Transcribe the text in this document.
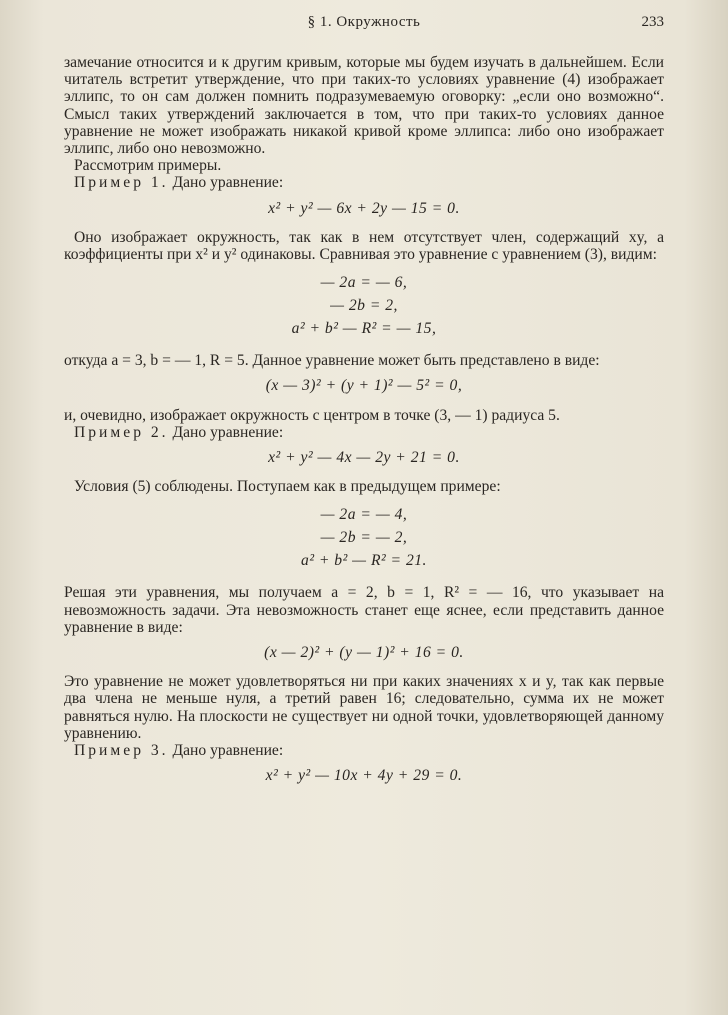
§ 1. Окружность	233

замечание относится и к другим кривым, которые мы будем изучать в дальнейшем. Если читатель встретит утверждение, что при таких-то условиях уравнение (4) изображает эллипс, то он сам должен помнить подразумеваемую оговорку: „если оно возможно“. Смысл таких утверждений заключается в том, что при таких-то условиях данное уравнение не может изображать никакой кривой кроме эллипса: либо оно изображает эллипс, либо оно невозможно.

Рассмотрим примеры.

Пример 1. Дано уравнение:

x² + y² — 6x + 2y — 15 = 0.

Оно изображает окружность, так как в нем отсутствует член, содержащий xy, а коэффициенты при x² и y² одинаковы. Сравнивая это уравнение с уравнением (3), видим:

— 2a = — 6,
— 2b = 2,
a² + b² — R² = — 15,

откуда a = 3, b = — 1, R = 5. Данное уравнение может быть представлено в виде:

(x — 3)² + (y + 1)² — 5² = 0,

и, очевидно, изображает окружность с центром в точке (3, — 1) радиуса 5.

Пример 2. Дано уравнение:

x² + y² — 4x — 2y + 21 = 0.

Условия (5) соблюдены. Поступаем как в предыдущем примере:

— 2a = — 4,
— 2b = — 2,
a² + b² — R² = 21.

Решая эти уравнения, мы получаем a = 2, b = 1, R² = — 16, что указывает на невозможность задачи. Эта невозможность станет еще яснее, если представить данное уравнение в виде:

(x — 2)² + (y — 1)² + 16 = 0.

Это уравнение не может удовлетворяться ни при каких значениях x и y, так как первые два члена не меньше нуля, а третий равен 16; следовательно, сумма их не может равняться нулю. На плоскости не существует ни одной точки, удовлетворяющей данному уравнению.

Пример 3. Дано уравнение:

x² + y² — 10x + 4y + 29 = 0.
